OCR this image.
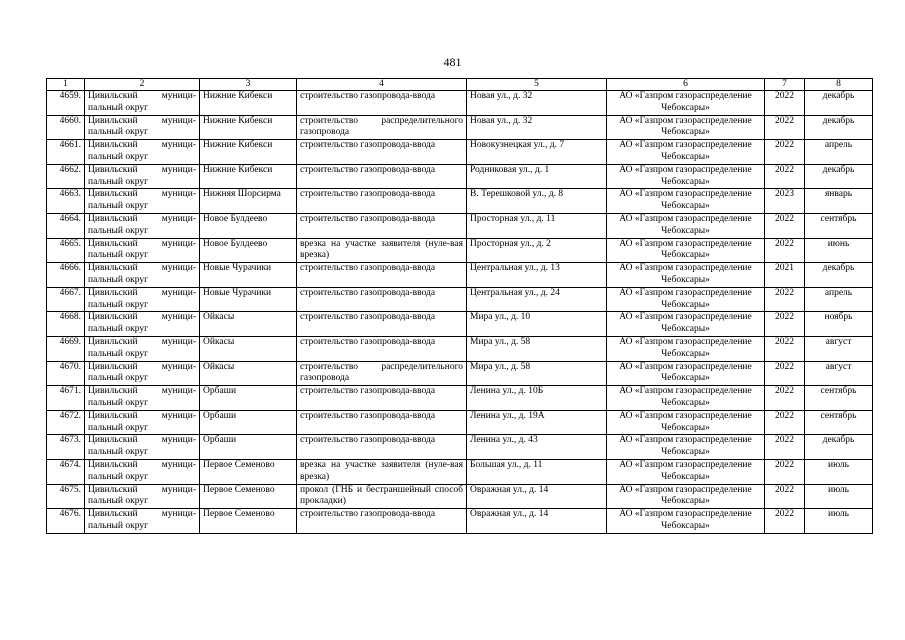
481
1	2	3	4	5	6	7	8
4659.	Цивильский муници-пальный округ	Нижние Кибекси	строительство газопровода-ввода	Новая ул., д. 32	АО «Газпром газораспределение Чебоксары»	2022	декабрь
4660.	Цивильский муници-пальный округ	Нижние Кибекси	строительство распределительного газопровода	Новая ул., д. 32	АО «Газпром газораспределение Чебоксары»	2022	декабрь
4661.	Цивильский муници-пальный округ	Нижние Кибекси	строительство газопровода-ввода	Новокузнецкая ул., д. 7	АО «Газпром газораспределение Чебоксары»	2022	апрель
4662.	Цивильский муници-пальный округ	Нижние Кибекси	строительство газопровода-ввода	Родниковая ул., д. 1	АО «Газпром газораспределение Чебоксары»	2022	декабрь
4663.	Цивильский муници-пальный округ	Нижняя Шорсирма	строительство газопровода-ввода	В. Терешковой ул., д. 8	АО «Газпром газораспределение Чебоксары»	2023	январь
4664.	Цивильский муници-пальный округ	Новое Булдеево	строительство газопровода-ввода	Просторная ул., д. 11	АО «Газпром газораспределение Чебоксары»	2022	сентябрь
4665.	Цивильский муници-пальный округ	Новое Булдеево	врезка на участке заявителя (нуле-вая врезка)	Просторная ул., д. 2	АО «Газпром газораспределение Чебоксары»	2022	июнь
4666.	Цивильский муници-пальный округ	Новые Чурачики	строительство газопровода-ввода	Центральная ул., д. 13	АО «Газпром газораспределение Чебоксары»	2021	декабрь
4667.	Цивильский муници-пальный округ	Новые Чурачики	строительство газопровода-ввода	Центральная ул., д. 24	АО «Газпром газораспределение Чебоксары»	2022	апрель
4668.	Цивильский муници-пальный округ	Ойкасы	строительство газопровода-ввода	Мира ул., д. 10	АО «Газпром газораспределение Чебоксары»	2022	ноябрь
4669.	Цивильский муници-пальный округ	Ойкасы	строительство газопровода-ввода	Мира ул., д. 58	АО «Газпром газораспределение Чебоксары»	2022	август
4670.	Цивильский муници-пальный округ	Ойкасы	строительство распределительного газопровода	Мира ул., д. 58	АО «Газпром газораспределение Чебоксары»	2022	август
4671.	Цивильский муници-пальный округ	Орбаши	строительство газопровода-ввода	Ленина ул., д. 10Б	АО «Газпром газораспределение Чебоксары»	2022	сентябрь
4672.	Цивильский муници-пальный округ	Орбаши	строительство газопровода-ввода	Ленина ул., д. 19А	АО «Газпром газораспределение Чебоксары»	2022	сентябрь
4673.	Цивильский муници-пальный округ	Орбаши	строительство газопровода-ввода	Ленина ул., д. 43	АО «Газпром газораспределение Чебоксары»	2022	декабрь
4674.	Цивильский муници-пальный округ	Первое Семеново	врезка на участке заявителя (нуле-вая врезка)	Большая ул., д. 11	АО «Газпром газораспределение Чебоксары»	2022	июль
4675.	Цивильский муници-пальный округ	Первое Семеново	прокол (ГНБ и бестраншейный способ прокладки)	Овражная ул., д. 14	АО «Газпром газораспределение Чебоксары»	2022	июль
4676.	Цивильский муници-пальный округ	Первое Семеново	строительство газопровода-ввода	Овражная ул., д. 14	АО «Газпром газораспределение Чебоксары»	2022	июль
